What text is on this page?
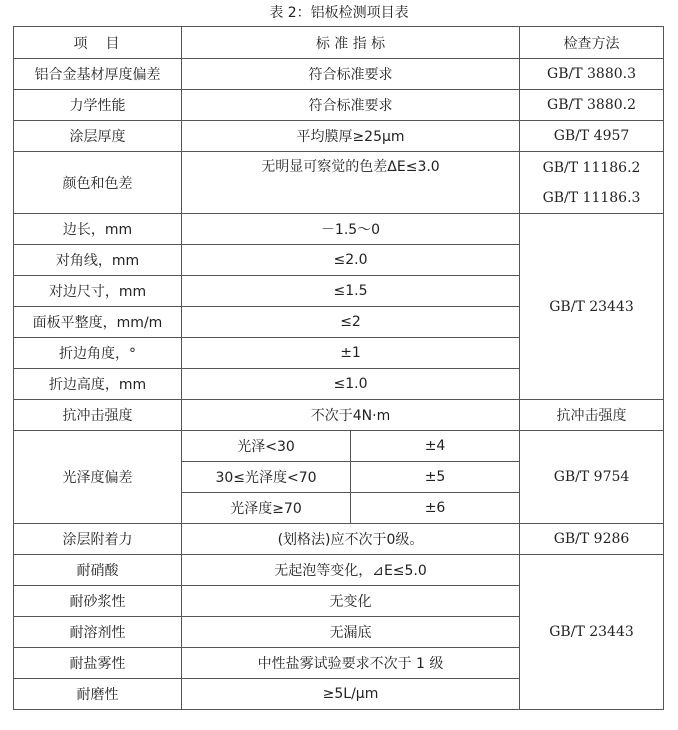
表 2：铝板检测项目表
项　目	标 准 指 标		检查方法
铝合金基材厚度偏差	符合标准要求		GB/T 3880.3
力学性能	符合标准要求		GB/T 3880.2
涂层厚度	平均膜厚≥25μm		GB/T 4957
颜色和色差	无明显可察觉的色差ΔE≤3.0		GB/T 11186.2
GB/T 11186.3

边长，mm	－1.5～0		GB/T 23443
对角线，mm	≤2.0		
对边尺寸，mm	≤1.5		
面板平整度，mm/m	≤2		
折边角度，°	±1		
折边高度，mm	≤1.0		
抗冲击强度	不次于4N·m		抗冲击强度
光泽度偏差	光泽<30	±4	GB/T 9754
	30≤光泽度<70	±5	
	光泽度≥70	±6	
涂层附着力	(划格法)应不次于0级。		GB/T 9286
耐硝酸	无起泡等变化，⊿E≤5.0		GB/T 23443
耐砂浆性	无变化		
耐溶剂性	无漏底		
耐盐雾性	中性盐雾试验要求不次于 1 级		
耐磨性	≥5L/μm		
